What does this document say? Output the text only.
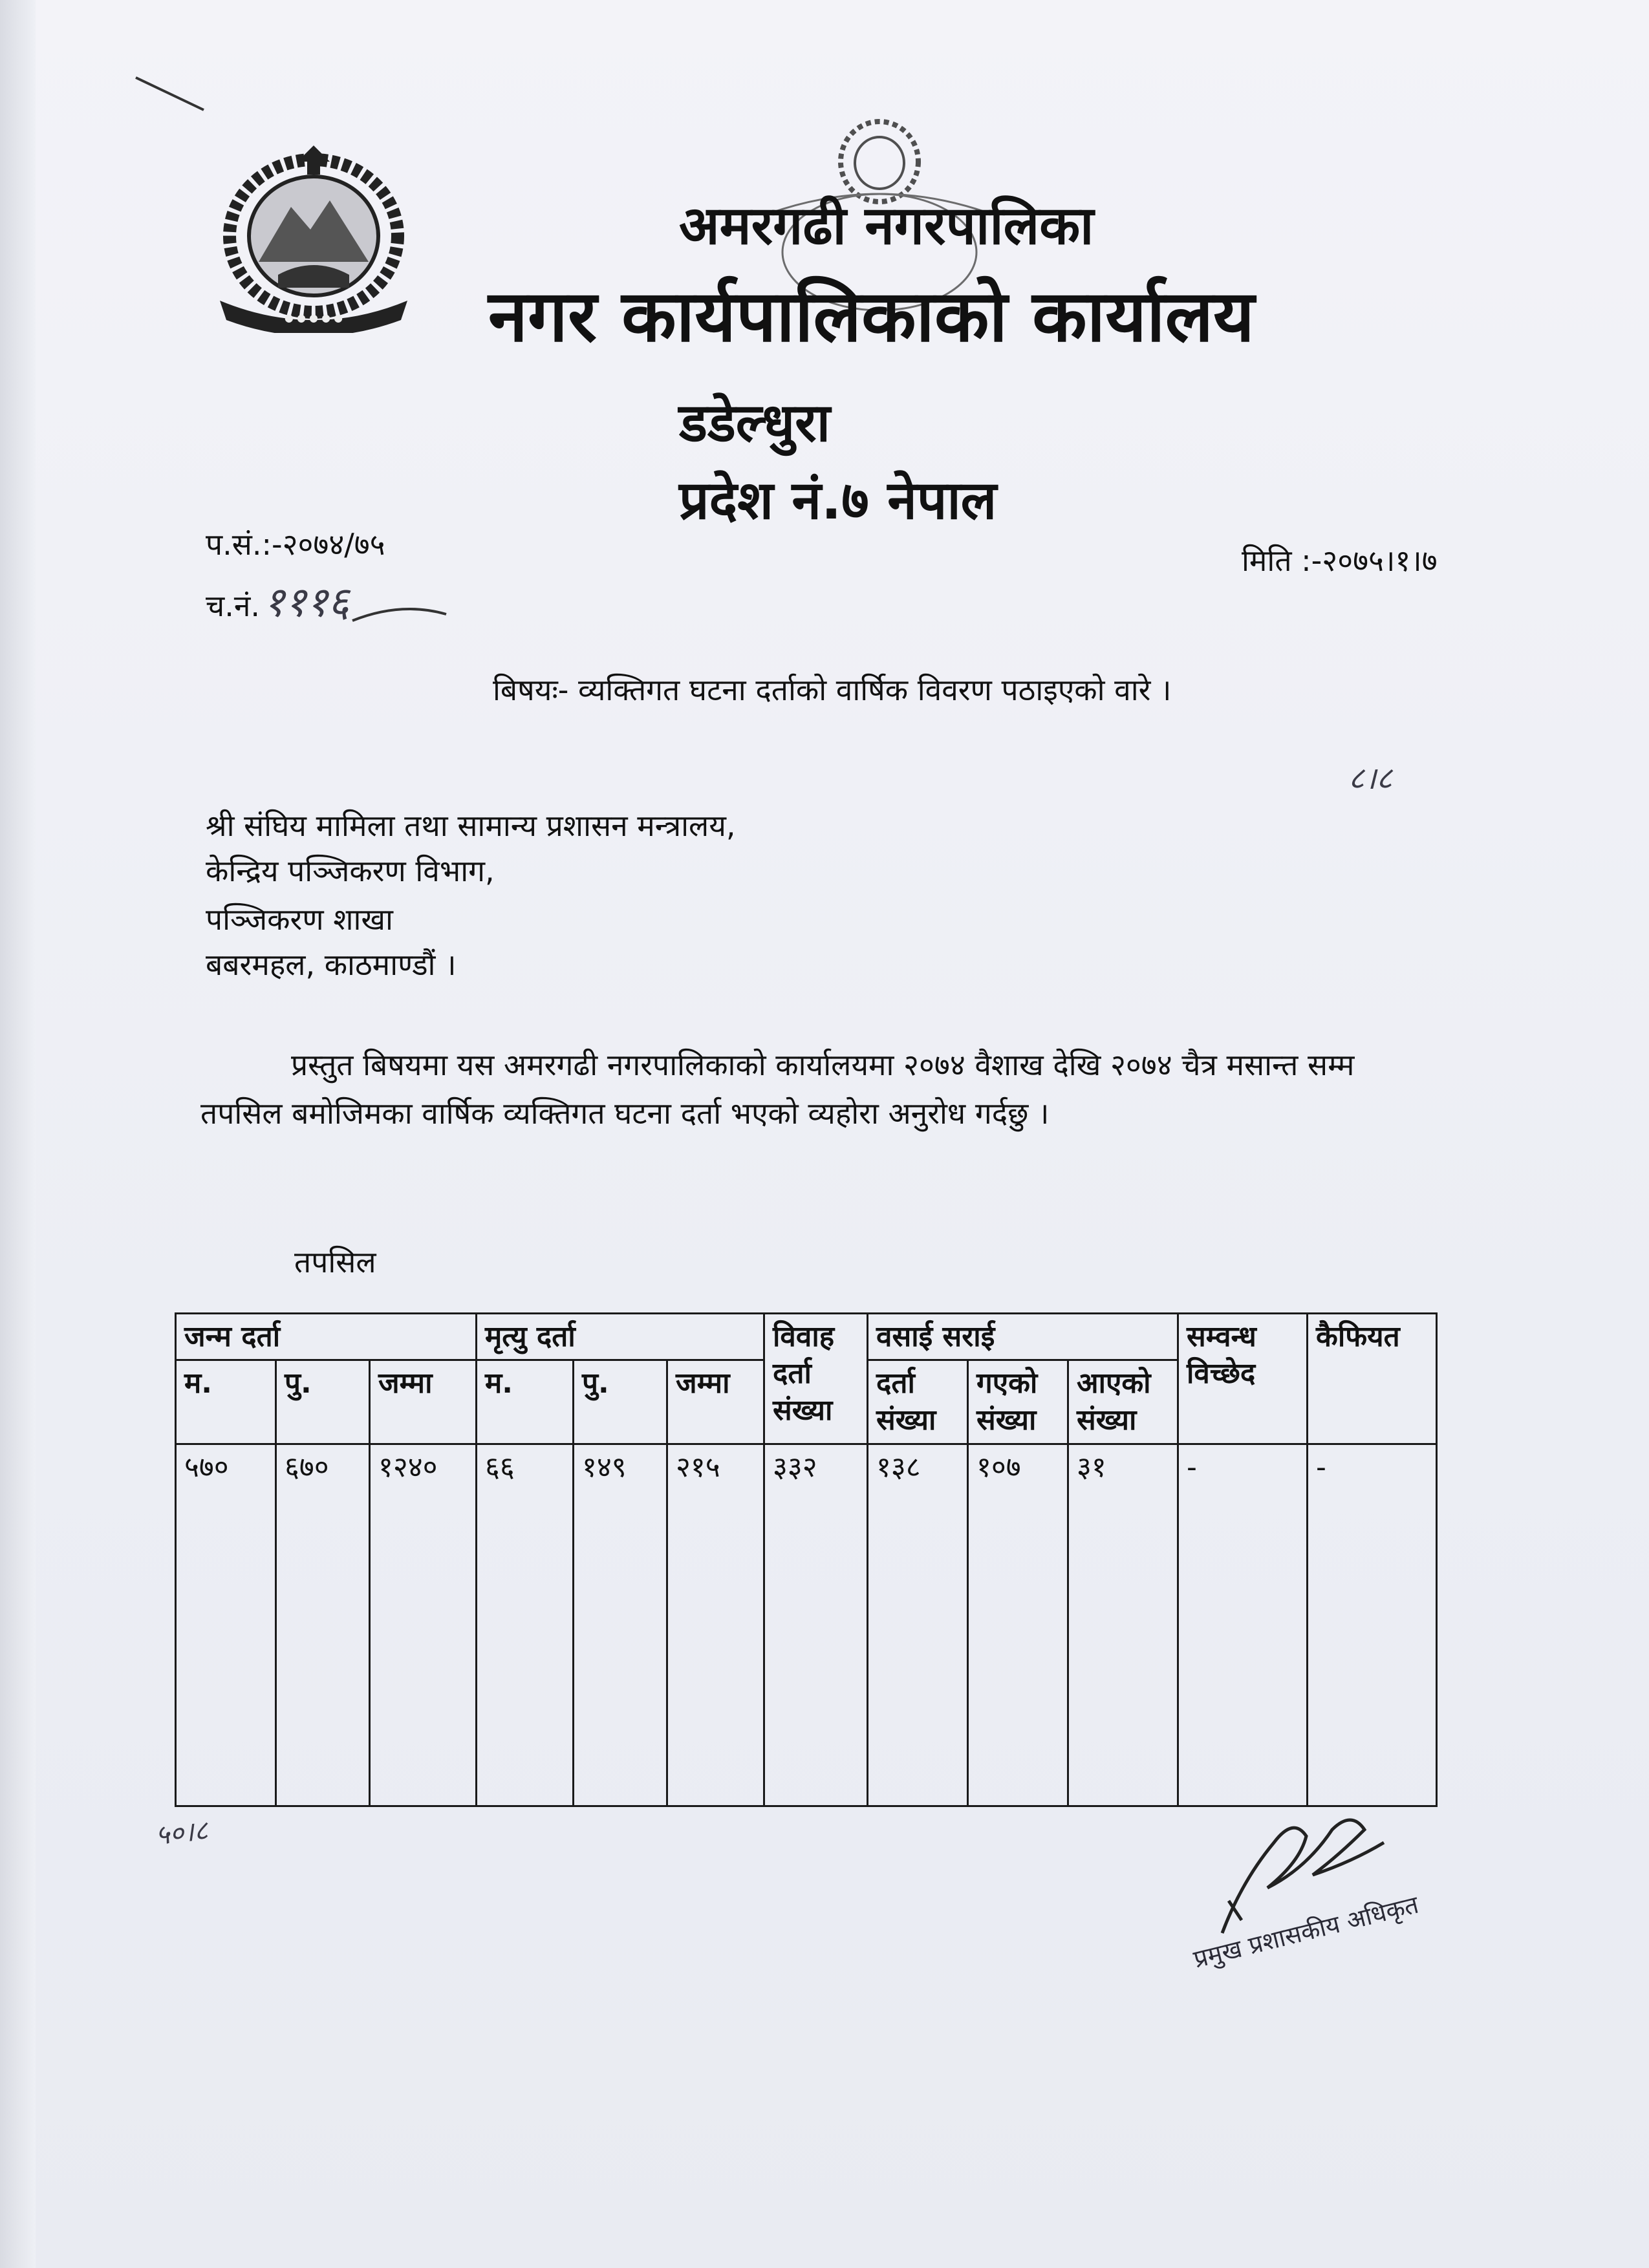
● ● ● ● ●
अमरगढी नगरपालिका
नगर कार्यपालिकाको कार्यालय
डडेल्धुरा
प्रदेश नं.७ नेपाल
प.सं.:-२०७४/७५
च.नं. १११६
मिति :-२०७५।१।७
बिषयः- व्यक्तिगत घटना दर्ताको वार्षिक विवरण पठाइएको वारे ।
८।८
श्री संघिय मामिला तथा सामान्य प्रशासन मन्त्रालय,
केन्द्रिय पञ्जिकरण विभाग,
पञ्जिकरण शाखा
बबरमहल, काठमाण्डौं ।
प्रस्तुत बिषयमा यस अमरगढी नगरपालिकाको कार्यालयमा २०७४ वैशाख देखि २०७४ चैत्र मसान्त सम्म
तपसिल बमोजिमका वार्षिक व्यक्तिगत घटना दर्ता भएको व्यहोरा अनुरोध गर्दछु ।
तपसिल
जन्म दर्ता			मृत्यु दर्ता			विवाह दर्ता संख्या	वसाई सराई			सम्वन्ध विच्छेद	कैफियत
म.	पु.	जम्मा	म.	पु.	जम्मा		दर्ता संख्या	गएको संख्या	आएको संख्या		
५७०	६७०	१२४०	६६	१४९	२१५	३३२	१३८	१०७	३१	-	-
५०।८
प्रमुख प्रशासकीय अधिकृत
